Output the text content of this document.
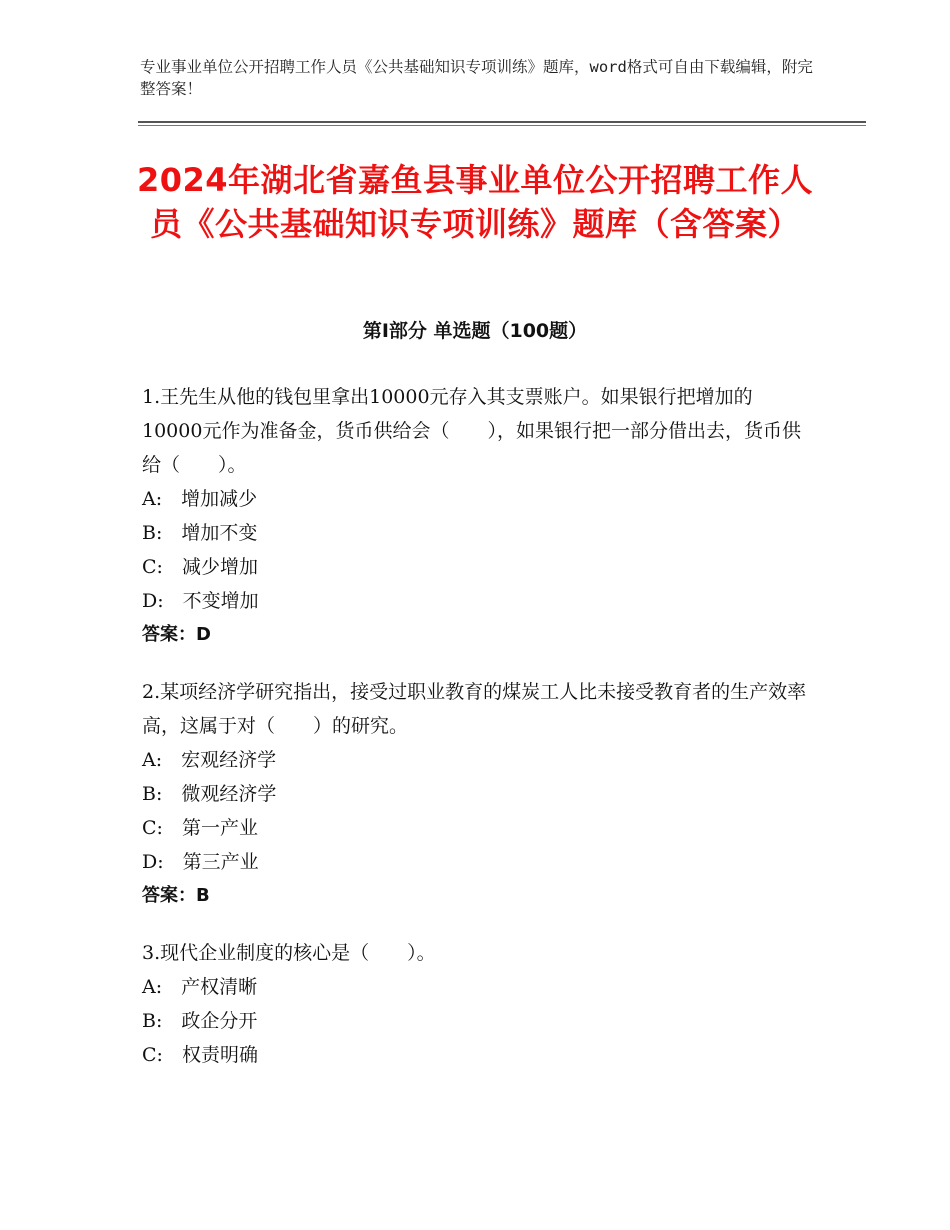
专业事业单位公开招聘工作人员《公共基础知识专项训练》题库，word格式可自由下载编辑，附完整答案！
2024年湖北省嘉鱼县事业单位公开招聘工作人员《公共基础知识专项训练》题库（含答案）
第I部分 单选题（100题）
1.王先生从他的钱包里拿出10000元存入其支票账户。如果银行把增加的10000元作为准备金，货币供给会（　　），如果银行把一部分借出去，货币供给（　　）。
A:　增加减少
B:　增加不变
C:　减少增加
D:　不变增加
答案：D
2.某项经济学研究指出，接受过职业教育的煤炭工人比未接受教育者的生产效率高，这属于对（　　）的研究。
A:　宏观经济学
B:　微观经济学
C:　第一产业
D:　第三产业
答案：B
3.现代企业制度的核心是（　　）。
A:　产权清晰
B:　政企分开
C:　权责明确
